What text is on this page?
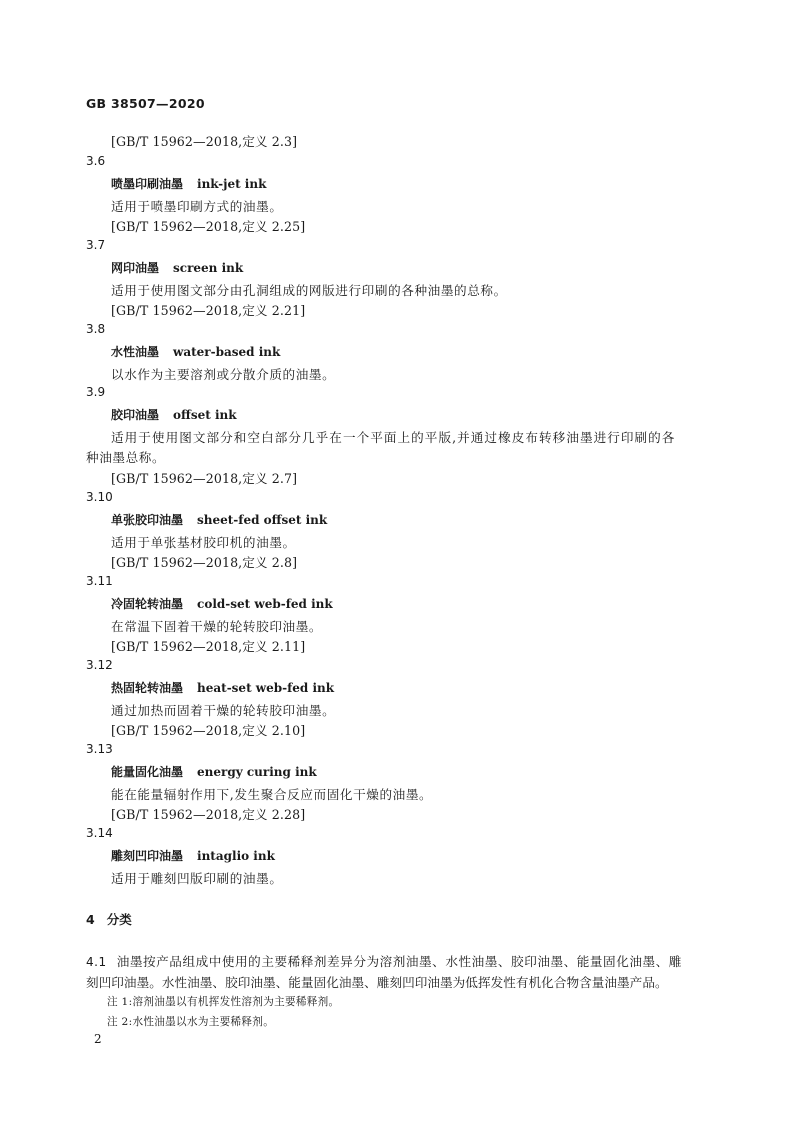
GB 38507—2020
[GB/T 15962—2018,定义 2.3]
3.6
喷墨印刷油墨 ink-jet ink
适用于喷墨印刷方式的油墨。
[GB/T 15962—2018,定义 2.25]
3.7
网印油墨 screen ink
适用于使用图文部分由孔洞组成的网版进行印刷的各种油墨的总称。
[GB/T 15962—2018,定义 2.21]
3.8
水性油墨 water-based ink
以水作为主要溶剂或分散介质的油墨。
3.9
胶印油墨 offset ink
适用于使用图文部分和空白部分几乎在一个平面上的平版,并通过橡皮布转移油墨进行印刷的各
种油墨总称。
[GB/T 15962—2018,定义 2.7]
3.10
单张胶印油墨 sheet-fed offset ink
适用于单张基材胶印机的油墨。
[GB/T 15962—2018,定义 2.8]
3.11
冷固轮转油墨 cold-set web-fed ink
在常温下固着干燥的轮转胶印油墨。
[GB/T 15962—2018,定义 2.11]
3.12
热固轮转油墨 heat-set web-fed ink
通过加热而固着干燥的轮转胶印油墨。
[GB/T 15962—2018,定义 2.10]
3.13
能量固化油墨 energy curing ink
能在能量辐射作用下,发生聚合反应而固化干燥的油墨。
[GB/T 15962—2018,定义 2.28]
3.14
雕刻凹印油墨 intaglio ink
适用于雕刻凹版印刷的油墨。
4 分类
4.1 油墨按产品组成中使用的主要稀释剂差异分为溶剂油墨、水性油墨、胶印油墨、能量固化油墨、雕
刻凹印油墨。水性油墨、胶印油墨、能量固化油墨、雕刻凹印油墨为低挥发性有机化合物含量油墨产品。
注 1:溶剂油墨以有机挥发性溶剂为主要稀释剂。
注 2:水性油墨以水为主要稀释剂。
2
